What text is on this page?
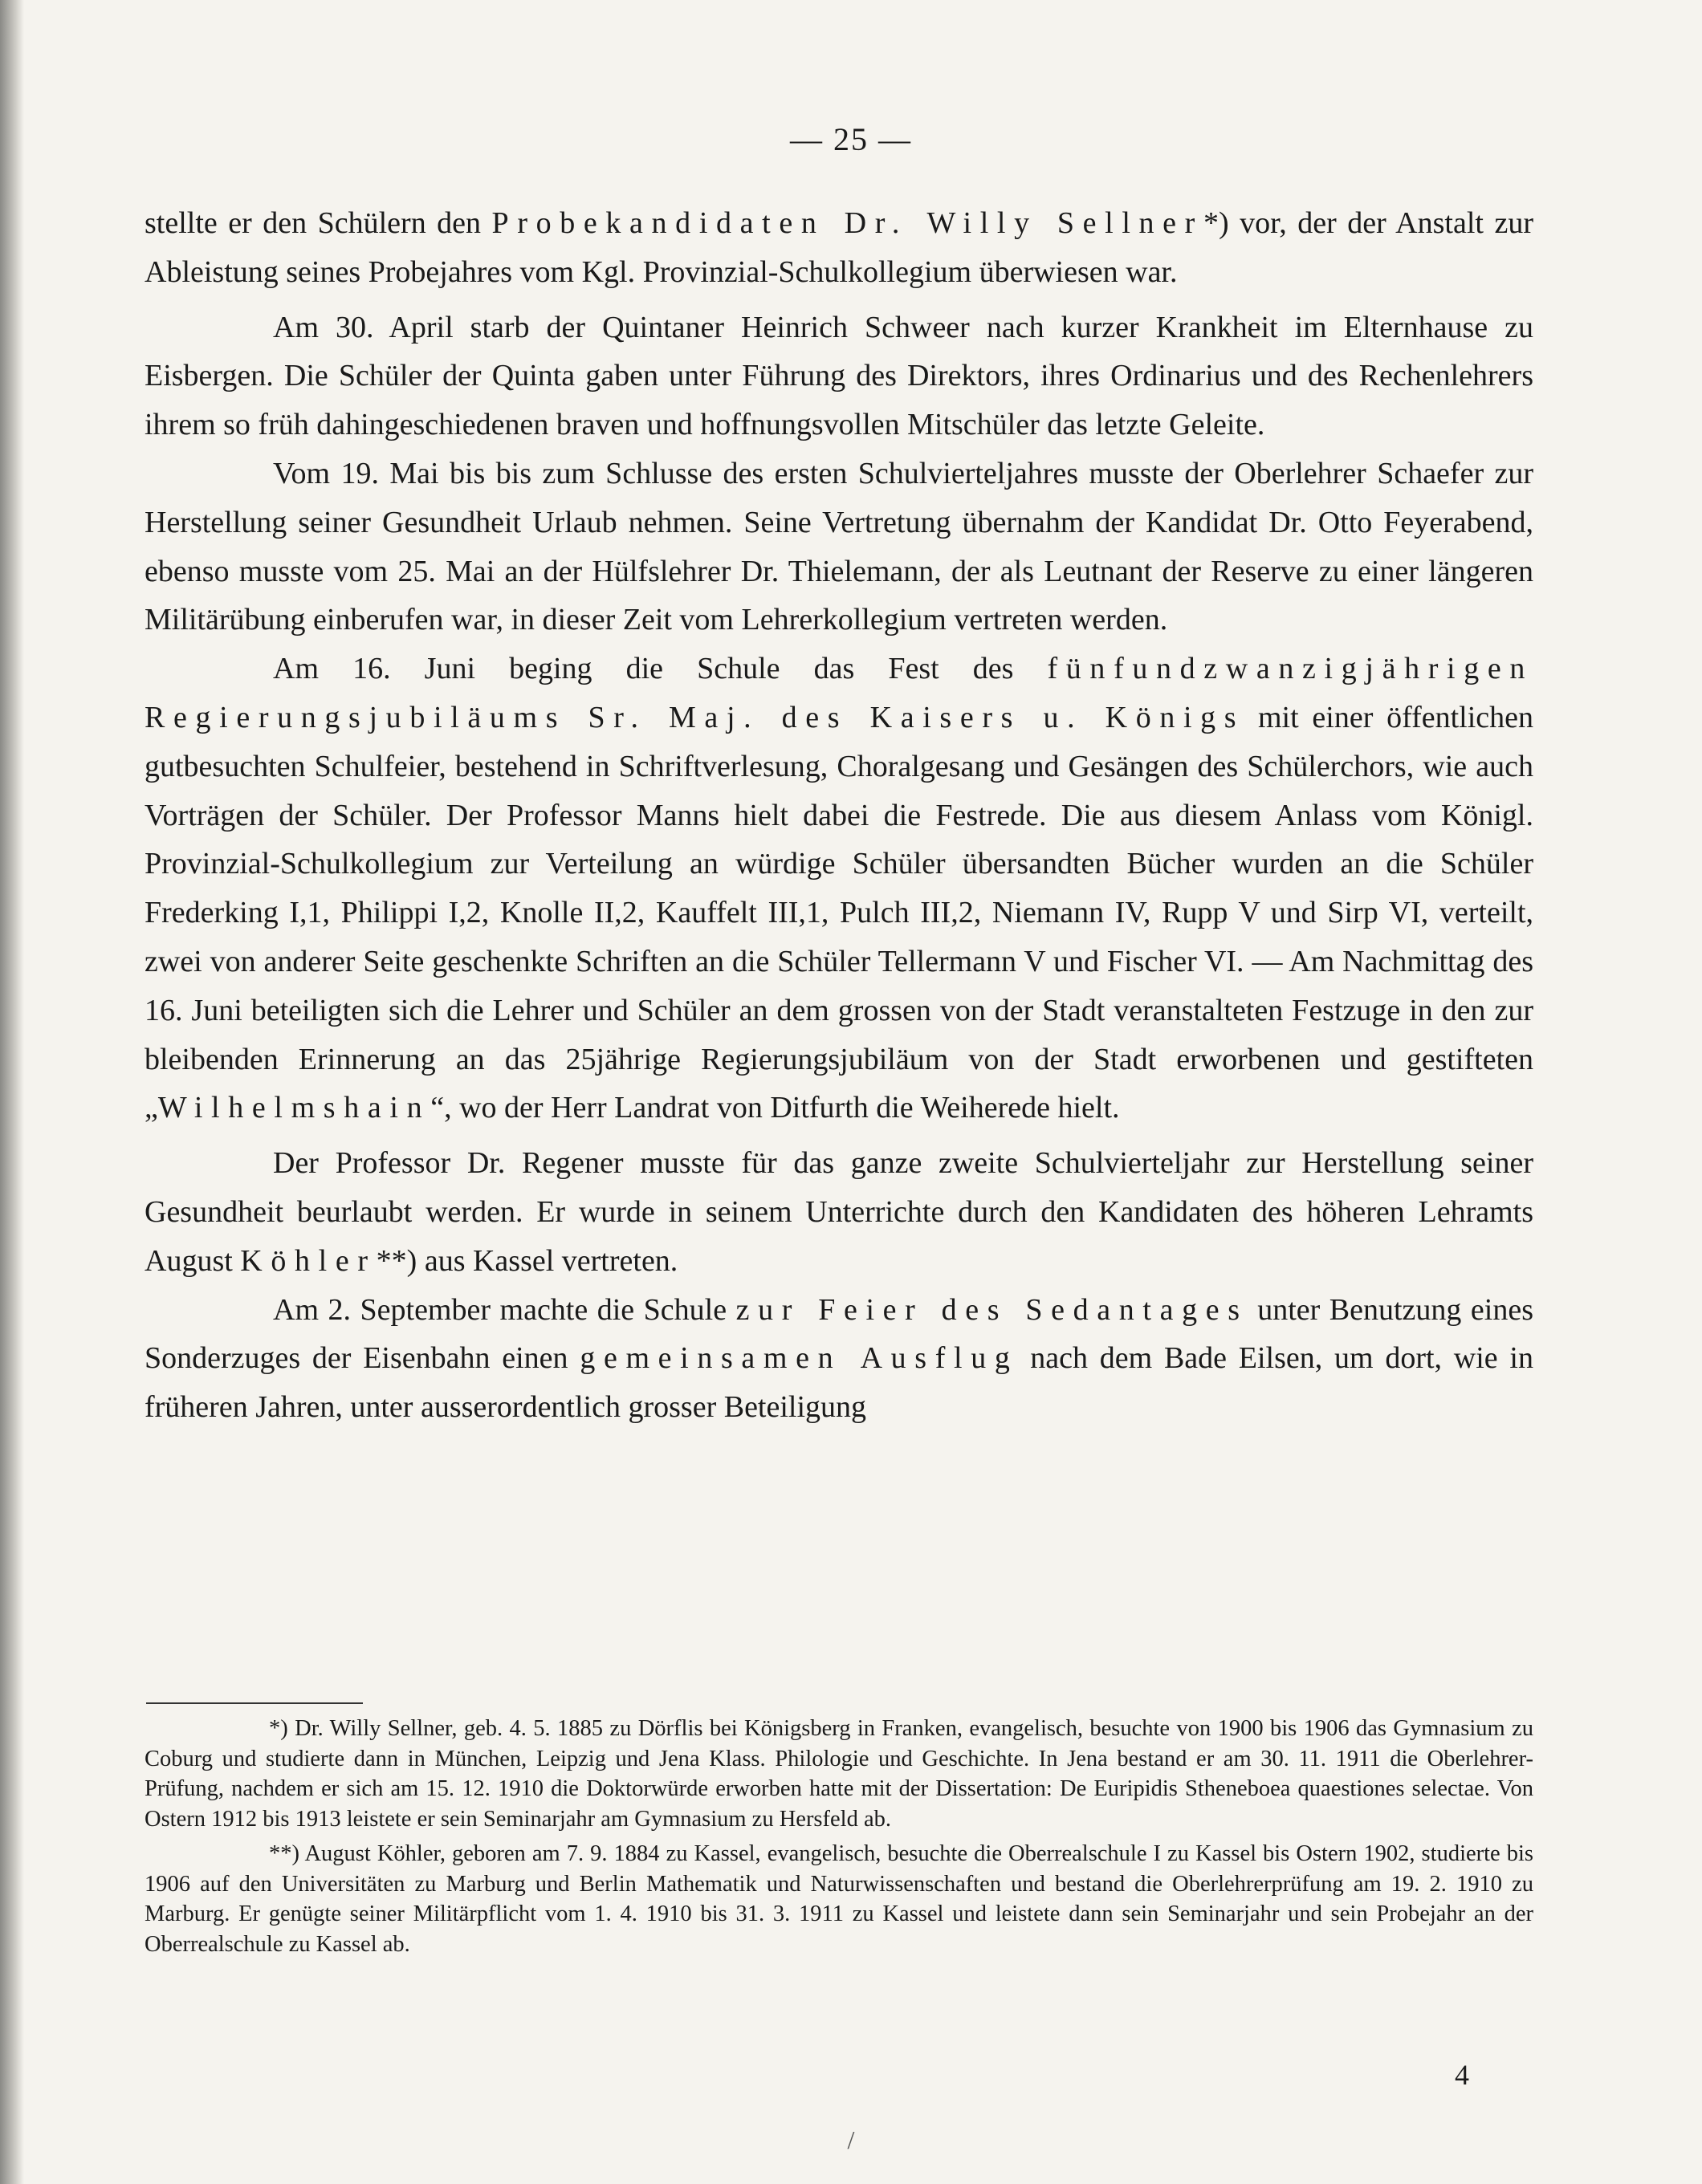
— 25 —

stellte er den Schülern den Probekandidaten Dr. Willy Sellner*) vor, der der Anstalt zur Ableistung seines Probejahres vom Kgl. Provinzial-Schulkollegium überwiesen war.

Am 30. April starb der Quintaner Heinrich Schweer nach kurzer Krankheit im Elternhause zu Eisbergen. Die Schüler der Quinta gaben unter Führung des Direktors, ihres Ordinarius und des Rechenlehrers ihrem so früh dahingeschiedenen braven und hoffnungsvollen Mitschüler das letzte Geleite.

Vom 19. Mai bis bis zum Schlusse des ersten Schulvierteljahres musste der Oberlehrer Schaefer zur Herstellung seiner Gesundheit Urlaub nehmen. Seine Vertretung übernahm der Kandidat Dr. Otto Feyerabend, ebenso musste vom 25. Mai an der Hülfslehrer Dr. Thielemann, der als Leutnant der Reserve zu einer längeren Militärübung einberufen war, in dieser Zeit vom Lehrerkollegium vertreten werden.

Am 16. Juni beging die Schule das Fest des fünfundzwanzigjährigen Regierungsjubiläums Sr. Maj. des Kaisers u. Königs mit einer öffentlichen gutbesuchten Schulfeier, bestehend in Schriftverlesung, Choralgesang und Gesängen des Schülerchors, wie auch Vorträgen der Schüler. Der Professor Manns hielt dabei die Festrede. Die aus diesem Anlass vom Königl. Provinzial-Schulkollegium zur Verteilung an würdige Schüler übersandten Bücher wurden an die Schüler Frederking I,1, Philippi I,2, Knolle II,2, Kauffelt III,1, Pulch III,2, Niemann IV, Rupp V und Sirp VI, verteilt, zwei von anderer Seite geschenkte Schriften an die Schüler Tellermann V und Fischer VI. — Am Nachmittag des 16. Juni beteiligten sich die Lehrer und Schüler an dem grossen von der Stadt veranstalteten Festzuge in den zur bleibenden Erinnerung an das 25jährige Regierungsjubiläum von der Stadt erworbenen und gestifteten „Wilhelmshain“, wo der Herr Landrat von Ditfurth die Weiherede hielt.

Der Professor Dr. Regener musste für das ganze zweite Schulvierteljahr zur Herstellung seiner Gesundheit beurlaubt werden. Er wurde in seinem Unterrichte durch den Kandidaten des höheren Lehramts August Köhler**) aus Kassel vertreten.

Am 2. September machte die Schule zur Feier des Sedantages unter Benutzung eines Sonderzuges der Eisenbahn einen gemeinsamen Ausflug nach dem Bade Eilsen, um dort, wie in früheren Jahren, unter ausserordentlich grosser Beteiligung

*) Dr. Willy Sellner, geb. 4. 5. 1885 zu Dörflis bei Königsberg in Franken, evangelisch, besuchte von 1900 bis 1906 das Gymnasium zu Coburg und studierte dann in München, Leipzig und Jena Klass. Philologie und Geschichte. In Jena bestand er am 30. 11. 1911 die Oberlehrer-Prüfung, nachdem er sich am 15. 12. 1910 die Doktorwürde erworben hatte mit der Dissertation: De Euripidis Stheneboea quaestiones selectae. Von Ostern 1912 bis 1913 leistete er sein Seminarjahr am Gymnasium zu Hersfeld ab.

**) August Köhler, geboren am 7. 9. 1884 zu Kassel, evangelisch, besuchte die Oberrealschule I zu Kassel bis Ostern 1902, studierte bis 1906 auf den Universitäten zu Marburg und Berlin Mathematik und Naturwissenschaften und bestand die Oberlehrerprüfung am 19. 2. 1910 zu Marburg. Er genügte seiner Militärpflicht vom 1. 4. 1910 bis 31. 3. 1911 zu Kassel und leistete dann sein Seminarjahr und sein Probejahr an der Oberrealschule zu Kassel ab.

4
/
